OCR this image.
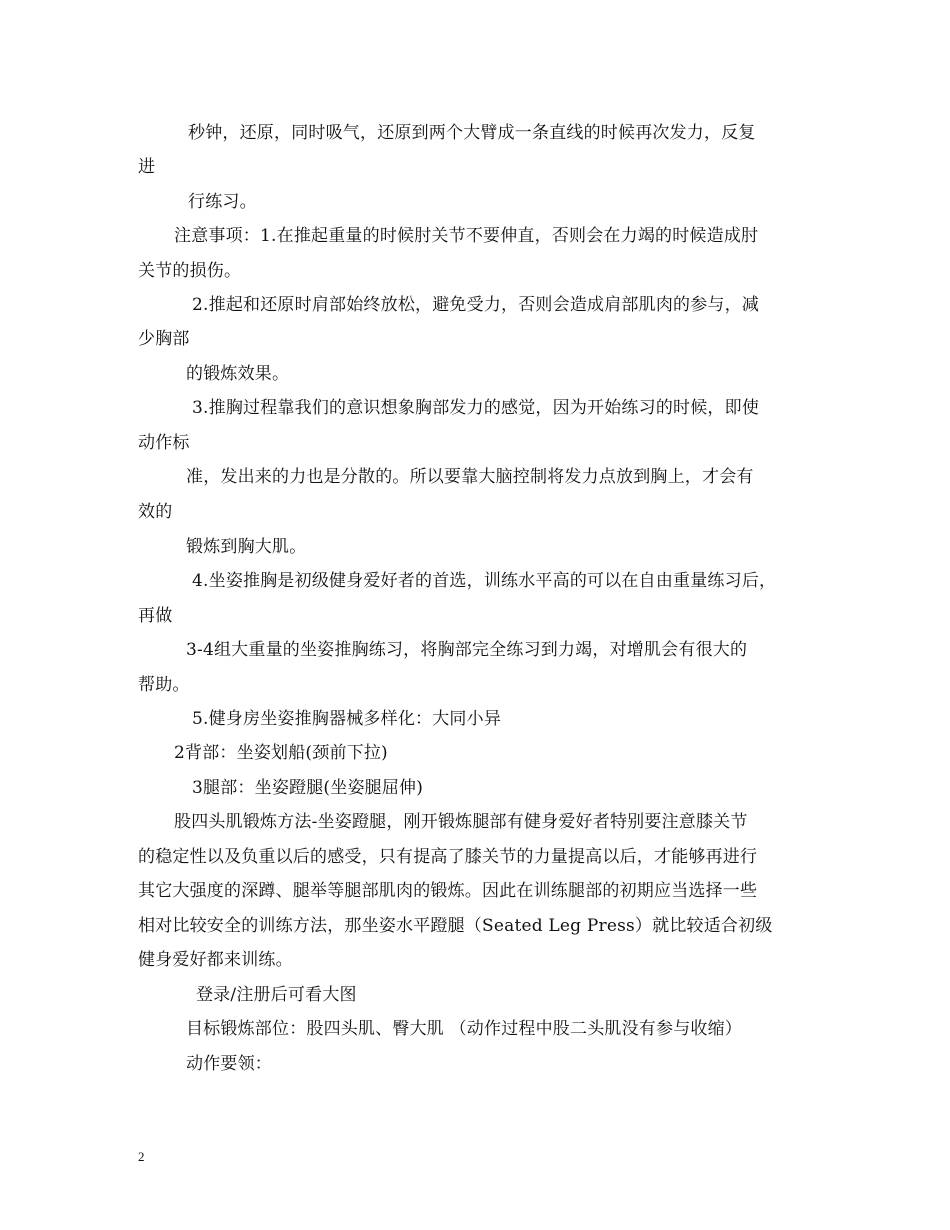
秒钟，还原，同时吸气，还原到两个大臂成一条直线的时候再次发力，反复
进
行练习。
注意事项：1.在推起重量的时候肘关节不要伸直，否则会在力竭的时候造成肘
关节的损伤。
2.推起和还原时肩部始终放松，避免受力，否则会造成肩部肌肉的参与，减
少胸部
的锻炼效果。
3.推胸过程靠我们的意识想象胸部发力的感觉，因为开始练习的时候，即使
动作标
准，发出来的力也是分散的。所以要靠大脑控制将发力点放到胸上，才会有
效的
锻炼到胸大肌。
4.坐姿推胸是初级健身爱好者的首选，训练水平高的可以在自由重量练习后，
再做
3-4组大重量的坐姿推胸练习，将胸部完全练习到力竭，对增肌会有很大的
帮助。
5.健身房坐姿推胸器械多样化：大同小异
2背部：坐姿划船(颈前下拉)
3腿部：坐姿蹬腿(坐姿腿屈伸)
股四头肌锻炼方法-坐姿蹬腿，刚开锻炼腿部有健身爱好者特别要注意膝关节
的稳定性以及负重以后的感受，只有提高了膝关节的力量提高以后，才能够再进行
其它大强度的深蹲、腿举等腿部肌肉的锻炼。因此在训练腿部的初期应当选择一些
相对比较安全的训练方法，那坐姿水平蹬腿（Seated Leg Press）就比较适合初级
健身爱好都来训练。
登录/注册后可看大图
目标锻炼部位：股四头肌、臀大肌 （动作过程中股二头肌没有参与收缩）
动作要领：
2
